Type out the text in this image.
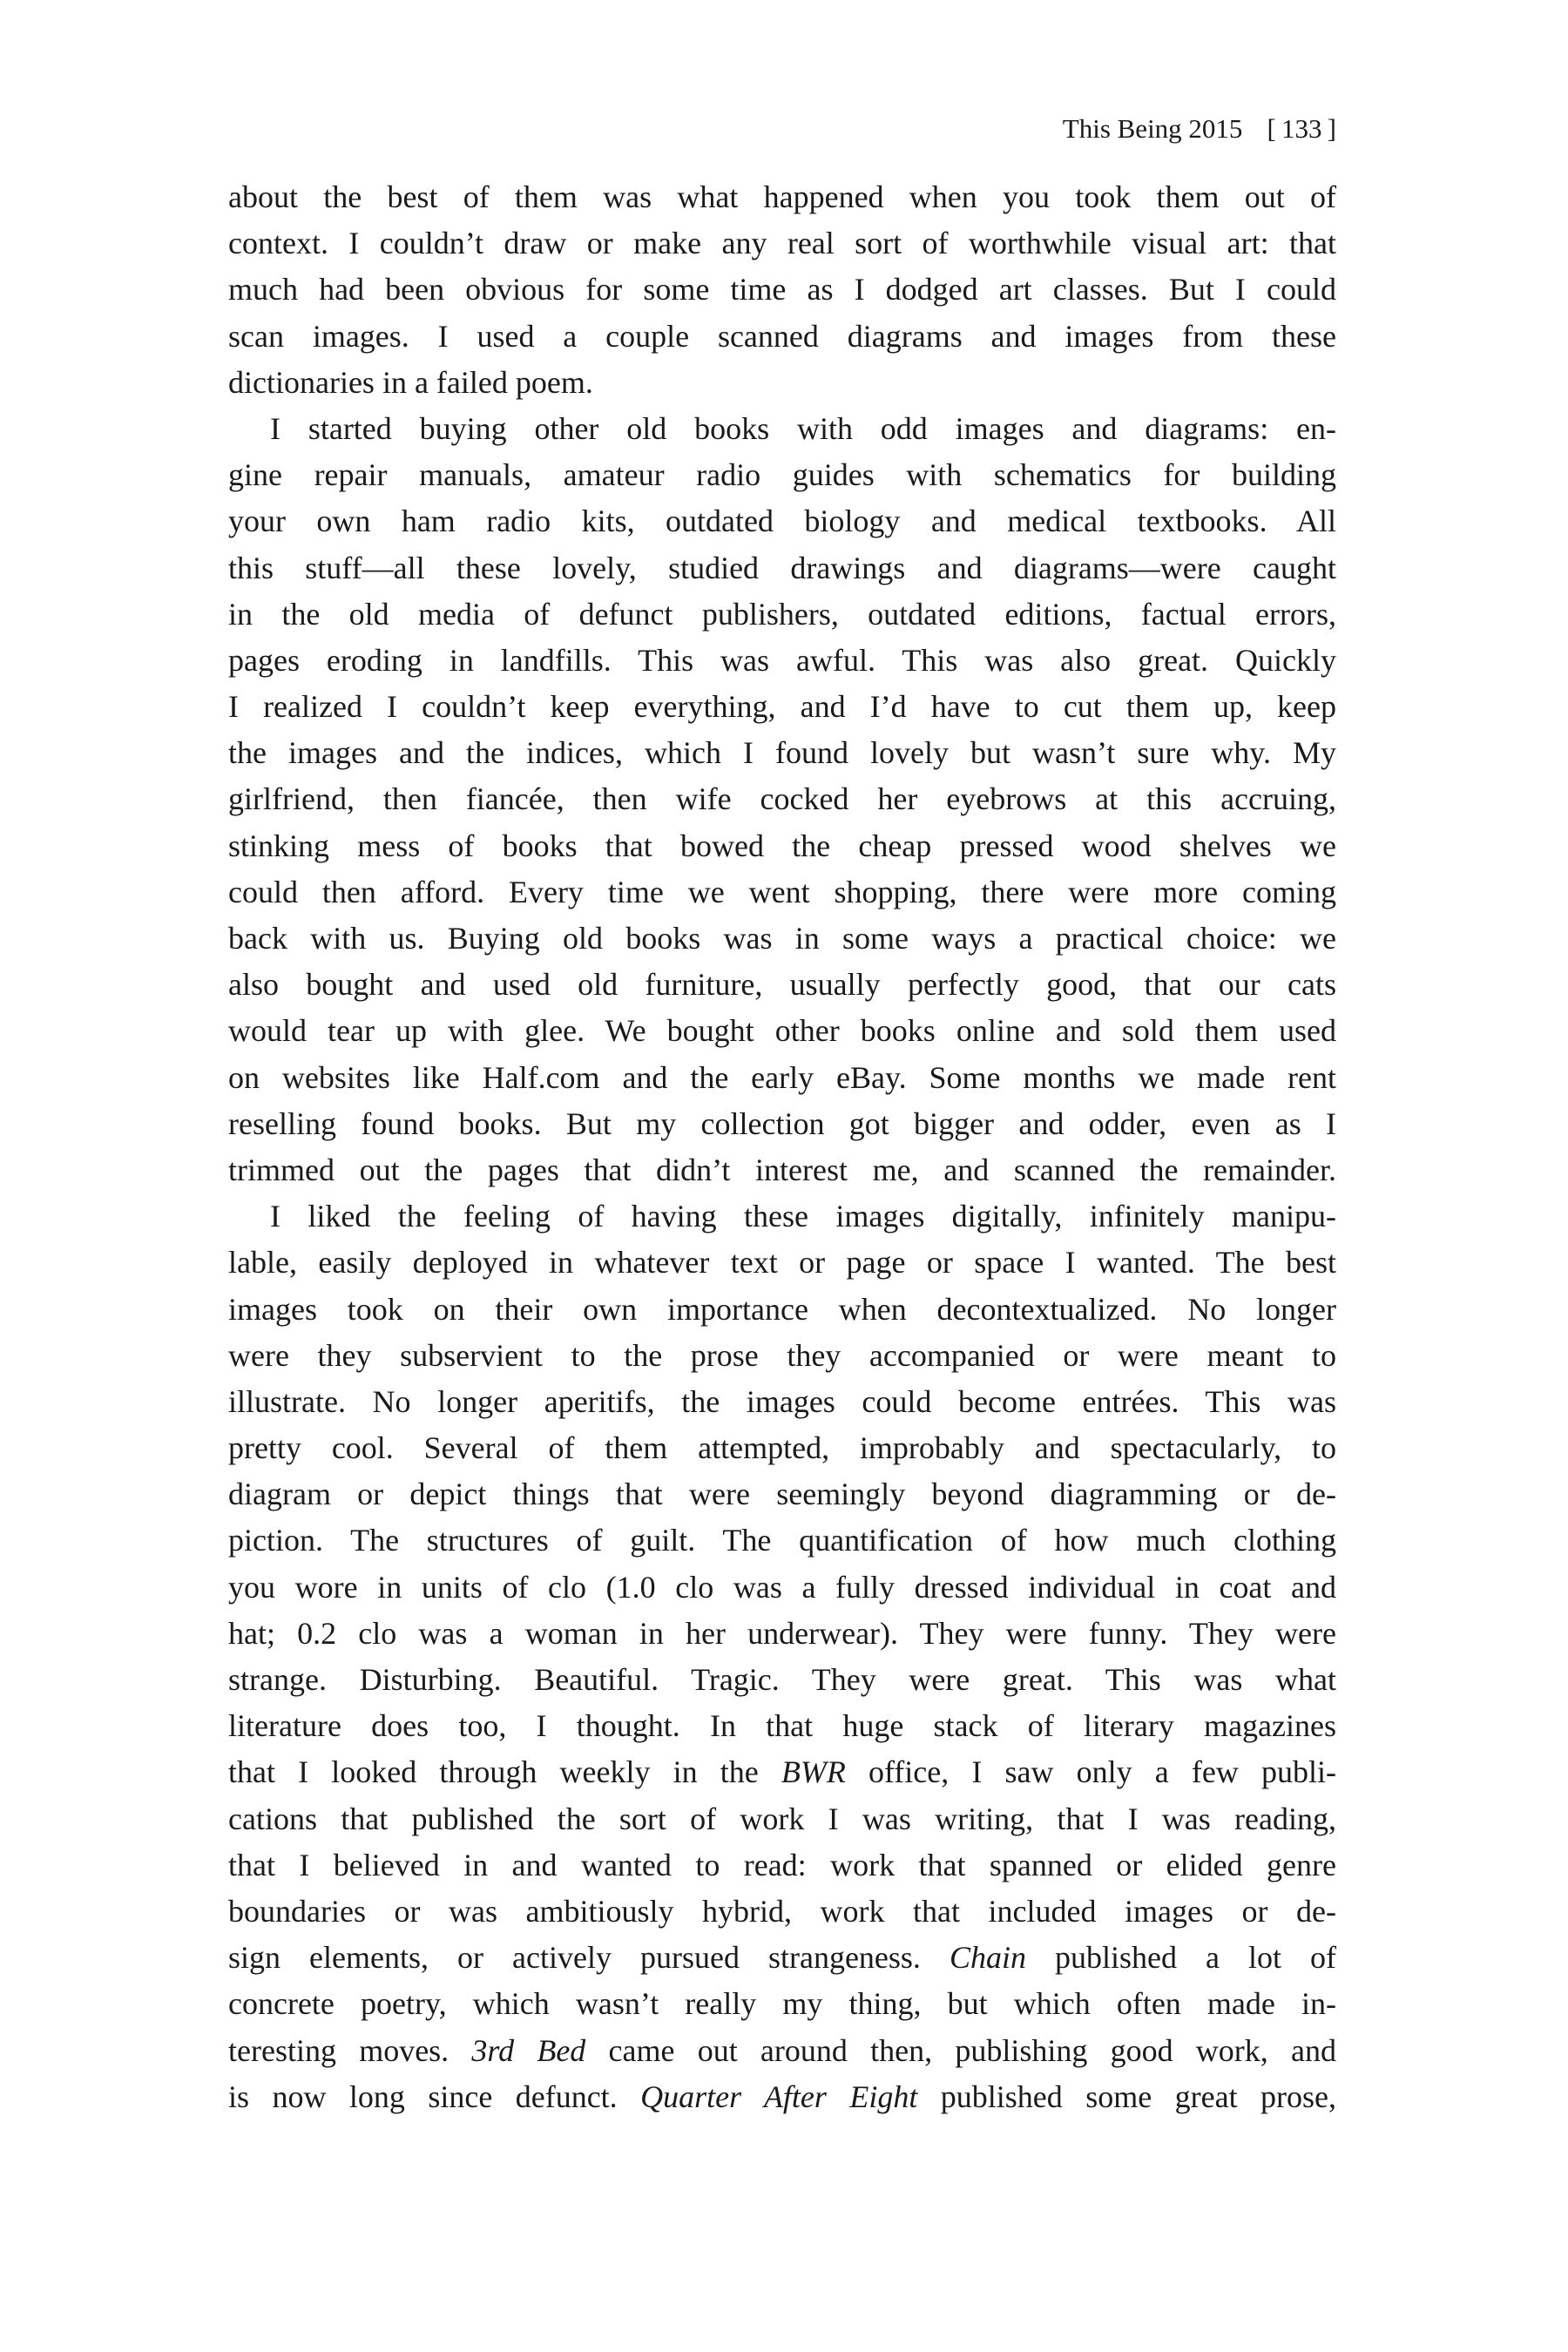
This Being 2015 [ 133 ]
about the best of them was what happened when you took them out of
context. I couldn’t draw or make any real sort of worthwhile visual art: that
much had been obvious for some time as I dodged art classes. But I could
scan images. I used a couple scanned diagrams and images from these
dictionaries in a failed poem.
I started buying other old books with odd images and diagrams: en-
gine repair manuals, amateur radio guides with schematics for building
your own ham radio kits, outdated biology and medical textbooks. All
this stuff—all these lovely, studied drawings and diagrams—were caught
in the old media of defunct publishers, outdated editions, factual errors,
pages eroding in landfills. This was awful. This was also great. Quickly
I realized I couldn’t keep everything, and I’d have to cut them up, keep
the images and the indices, which I found lovely but wasn’t sure why. My
girlfriend, then fiancée, then wife cocked her eyebrows at this accruing,
stinking mess of books that bowed the cheap pressed wood shelves we
could then afford. Every time we went shopping, there were more coming
back with us. Buying old books was in some ways a practical choice: we
also bought and used old furniture, usually perfectly good, that our cats
would tear up with glee. We bought other books online and sold them used
on websites like Half.com and the early eBay. Some months we made rent
reselling found books. But my collection got bigger and odder, even as I
trimmed out the pages that didn’t interest me, and scanned the remainder.
I liked the feeling of having these images digitally, infinitely manipu-
lable, easily deployed in whatever text or page or space I wanted. The best
images took on their own importance when decontextualized. No longer
were they subservient to the prose they accompanied or were meant to
illustrate. No longer aperitifs, the images could become entrées. This was
pretty cool. Several of them attempted, improbably and spectacularly, to
diagram or depict things that were seemingly beyond diagramming or de-
piction. The structures of guilt. The quantification of how much clothing
you wore in units of clo (1.0 clo was a fully dressed individual in coat and
hat; 0.2 clo was a woman in her underwear). They were funny. They were
strange. Disturbing. Beautiful. Tragic. They were great. This was what
literature does too, I thought. In that huge stack of literary magazines
that I looked through weekly in the BWR office, I saw only a few publi-
cations that published the sort of work I was writing, that I was reading,
that I believed in and wanted to read: work that spanned or elided genre
boundaries or was ambitiously hybrid, work that included images or de-
sign elements, or actively pursued strangeness. Chain published a lot of
concrete poetry, which wasn’t really my thing, but which often made in-
teresting moves. 3rd Bed came out around then, publishing good work, and
is now long since defunct. Quarter After Eight published some great prose,
